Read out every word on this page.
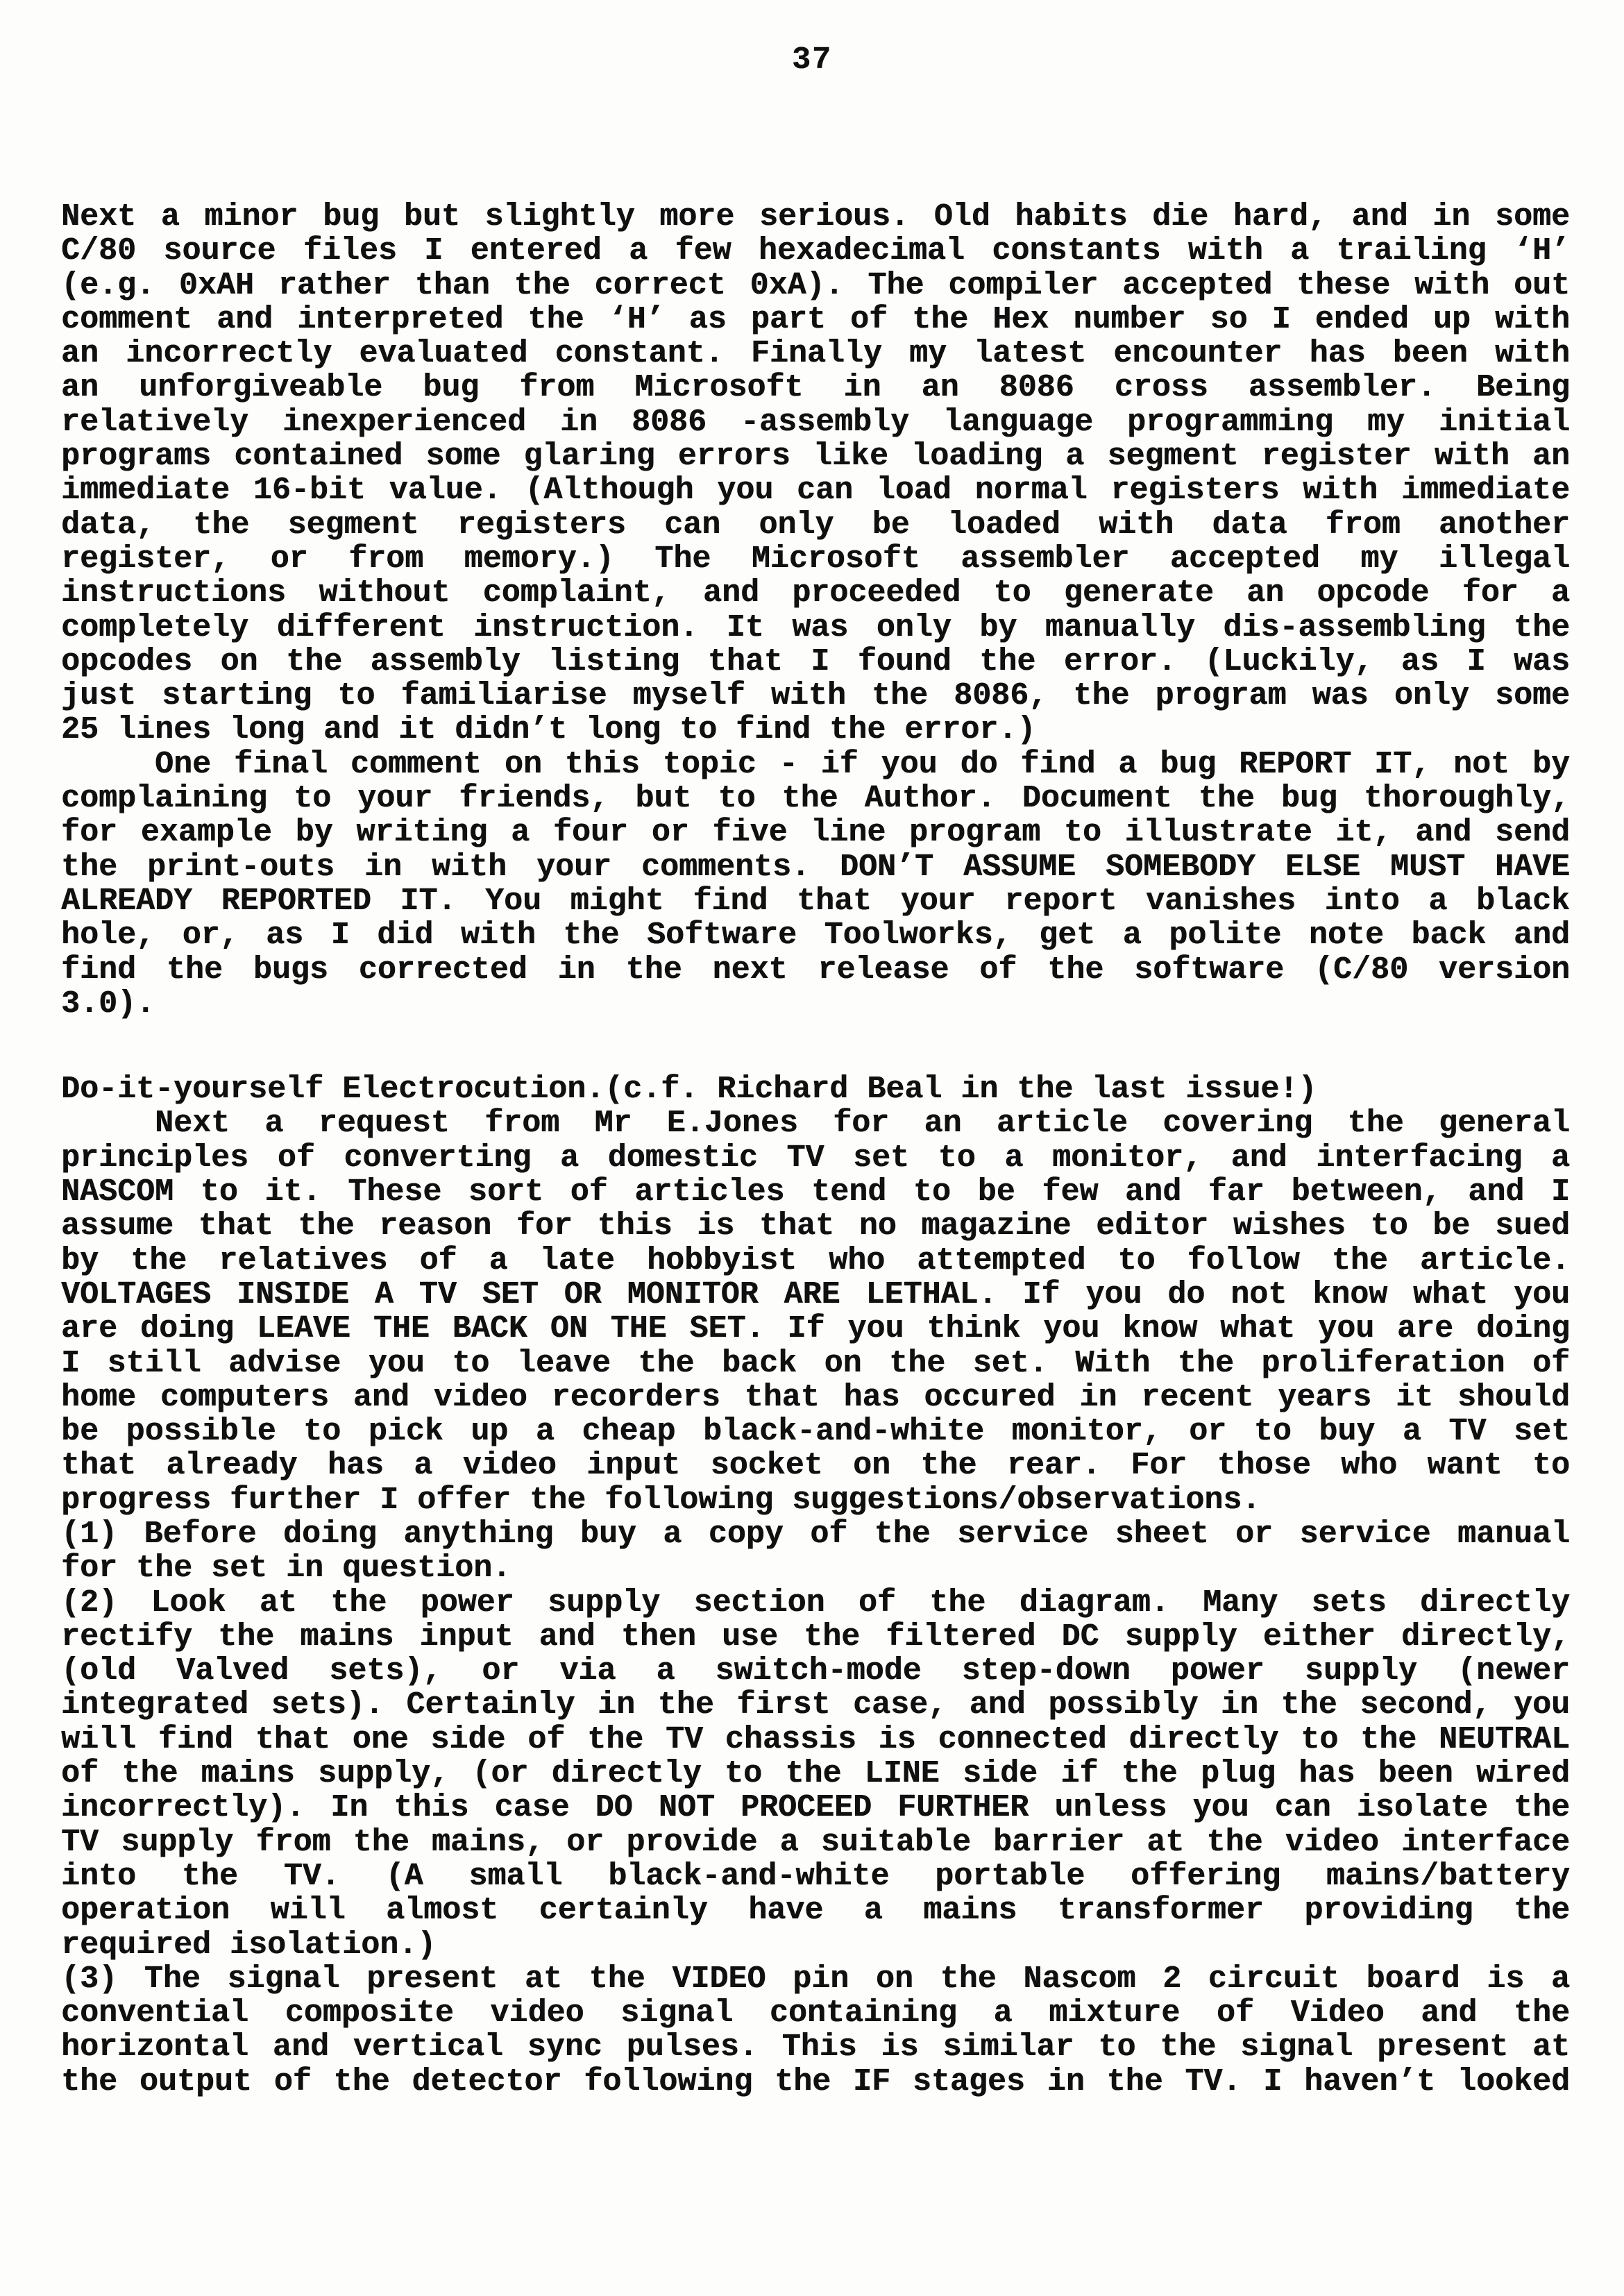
37
Next a minor bug but slightly more serious. Old habits die hard, and in some
C/80 source files I entered a few hexadecimal constants with a trailing ‘H’
(e.g. 0xAH rather than the correct 0xA). The compiler accepted these with out
comment and interpreted the ‘H’ as part of the Hex number so I ended up with
an incorrectly evaluated constant. Finally my latest encounter has been with
an unforgiveable bug from Microsoft in an 8086 cross assembler. Being
relatively inexperienced in 8086 -assembly language programming my initial
programs contained some glaring errors like loading a segment register with an
immediate 16-bit value. (Although you can load normal registers with immediate
data, the segment registers can only be loaded with data from another
register, or from memory.) The Microsoft assembler accepted my illegal
instructions without complaint, and proceeded to generate an opcode for a
completely different instruction. It was only by manually dis-assembling the
opcodes on the assembly listing that I found the error. (Luckily, as I was
just starting to familiarise myself with the 8086, the program was only some
25 lines long and it didn’t long to find the error.)
One final comment on this topic - if you do find a bug REPORT IT, not by
complaining to your friends, but to the Author. Document the bug thoroughly,
for example by writing a four or five line program to illustrate it, and send
the print-outs in with your comments. DON’T ASSUME SOMEBODY ELSE MUST HAVE
ALREADY REPORTED IT. You might find that your report vanishes into a black
hole, or, as I did with the Software Toolworks, get a polite note back and
find the bugs corrected in the next release of the software (C/80 version
3.0).
Do-it-yourself Electrocution.(c.f. Richard Beal in the last issue!)
Next a request from Mr E.Jones for an article covering the general
principles of converting a domestic TV set to a monitor, and interfacing a
NASCOM to it. These sort of articles tend to be few and far between, and I
assume that the reason for this is that no magazine editor wishes to be sued
by the relatives of a late hobbyist who attempted to follow the article.
VOLTAGES INSIDE A TV SET OR MONITOR ARE LETHAL. If you do not know what you
are doing LEAVE THE BACK ON THE SET. If you think you know what you are doing
I still advise you to leave the back on the set. With the proliferation of
home computers and video recorders that has occured in recent years it should
be possible to pick up a cheap black-and-white monitor, or to buy a TV set
that already has a video input socket on the rear. For those who want to
progress further I offer the following suggestions/observations.
(1) Before doing anything buy a copy of the service sheet or service manual
for the set in question.
(2) Look at the power supply section of the diagram. Many sets directly
rectify the mains input and then use the filtered DC supply either directly,
(old Valved sets), or via a switch-mode step-down power supply (newer
integrated sets). Certainly in the first case, and possibly in the second, you
will find that one side of the TV chassis is connected directly to the NEUTRAL
of the mains supply, (or directly to the LINE side if the plug has been wired
incorrectly). In this case DO NOT PROCEED FURTHER unless you can isolate the
TV supply from the mains, or provide a suitable barrier at the video interface
into the TV. (A small black-and-white portable offering mains/battery
operation will almost certainly have a mains transformer providing the
required isolation.)
(3) The signal present at the VIDEO pin on the Nascom 2 circuit board is a
convential composite video signal containing a mixture of Video and the
horizontal and vertical sync pulses. This is similar to the signal present at
the output of the detector following the IF stages in the TV. I haven’t looked
